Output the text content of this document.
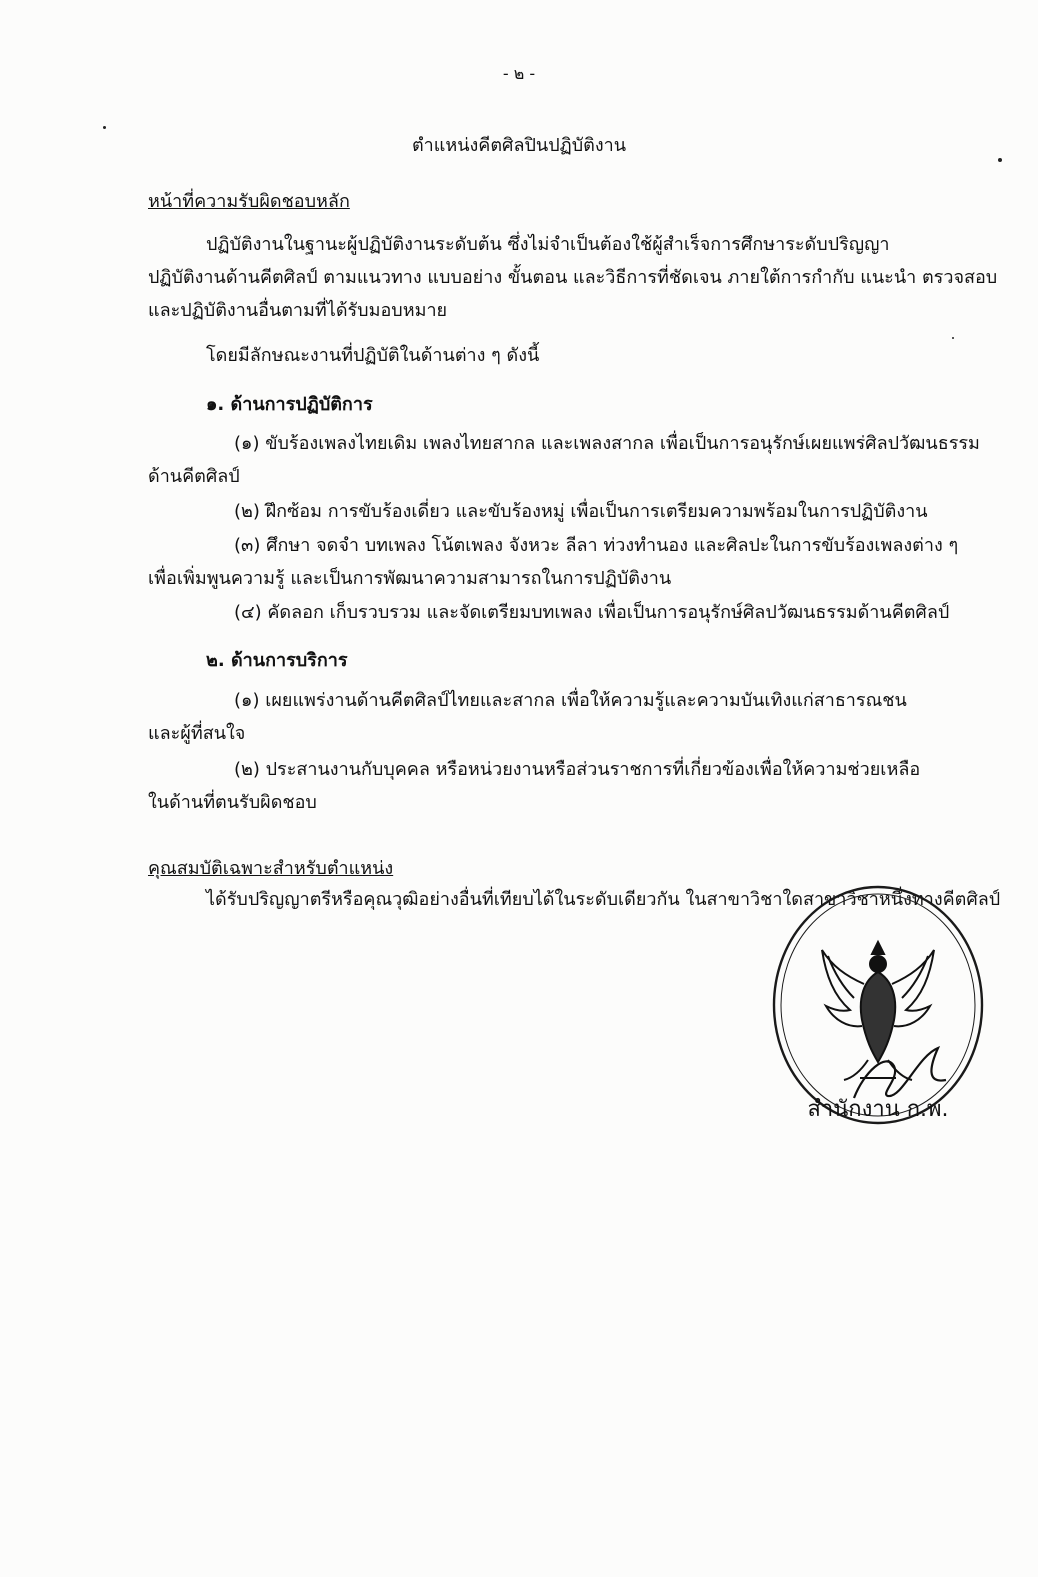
- ๒ -
ตำแหน่งคีตศิลปินปฏิบัติงาน
หน้าที่ความรับผิดชอบหลัก
ปฏิบัติงานในฐานะผู้ปฏิบัติงานระดับต้น ซึ่งไม่จำเป็นต้องใช้ผู้สำเร็จการศึกษาระดับปริญญา
ปฏิบัติงานด้านคีตศิลป์ ตามแนวทาง แบบอย่าง ขั้นตอน และวิธีการที่ชัดเจน ภายใต้การกำกับ แนะนำ ตรวจสอบ
และปฏิบัติงานอื่นตามที่ได้รับมอบหมาย
โดยมีลักษณะงานที่ปฏิบัติในด้านต่าง ๆ ดังนี้
๑. ด้านการปฏิบัติการ
(๑) ขับร้องเพลงไทยเดิม เพลงไทยสากล และเพลงสากล เพื่อเป็นการอนุรักษ์เผยแพร่ศิลปวัฒนธรรม
ด้านคีตศิลป์
(๒) ฝึกซ้อม การขับร้องเดี่ยว และขับร้องหมู่ เพื่อเป็นการเตรียมความพร้อมในการปฏิบัติงาน
(๓) ศึกษา จดจำ บทเพลง โน้ตเพลง จังหวะ ลีลา ท่วงทำนอง และศิลปะในการขับร้องเพลงต่าง ๆ
เพื่อเพิ่มพูนความรู้ และเป็นการพัฒนาความสามารถในการปฏิบัติงาน
(๔) คัดลอก เก็บรวบรวม และจัดเตรียมบทเพลง เพื่อเป็นการอนุรักษ์ศิลปวัฒนธรรมด้านคีตศิลป์
๒. ด้านการบริการ
(๑) เผยแพร่งานด้านคีตศิลป์ไทยและสากล เพื่อให้ความรู้และความบันเทิงแก่สาธารณชน
และผู้ที่สนใจ
(๒) ประสานงานกับบุคคล หรือหน่วยงานหรือส่วนราชการที่เกี่ยวข้องเพื่อให้ความช่วยเหลือ
ในด้านที่ตนรับผิดชอบ
คุณสมบัติเฉพาะสำหรับตำแหน่ง
ได้รับปริญญาตรีหรือคุณวุฒิอย่างอื่นที่เทียบได้ในระดับเดียวกัน ในสาขาวิชาใดสาขาวิชาหนึ่งทางคีตศิลป์
สำนักงาน ก.พ.
